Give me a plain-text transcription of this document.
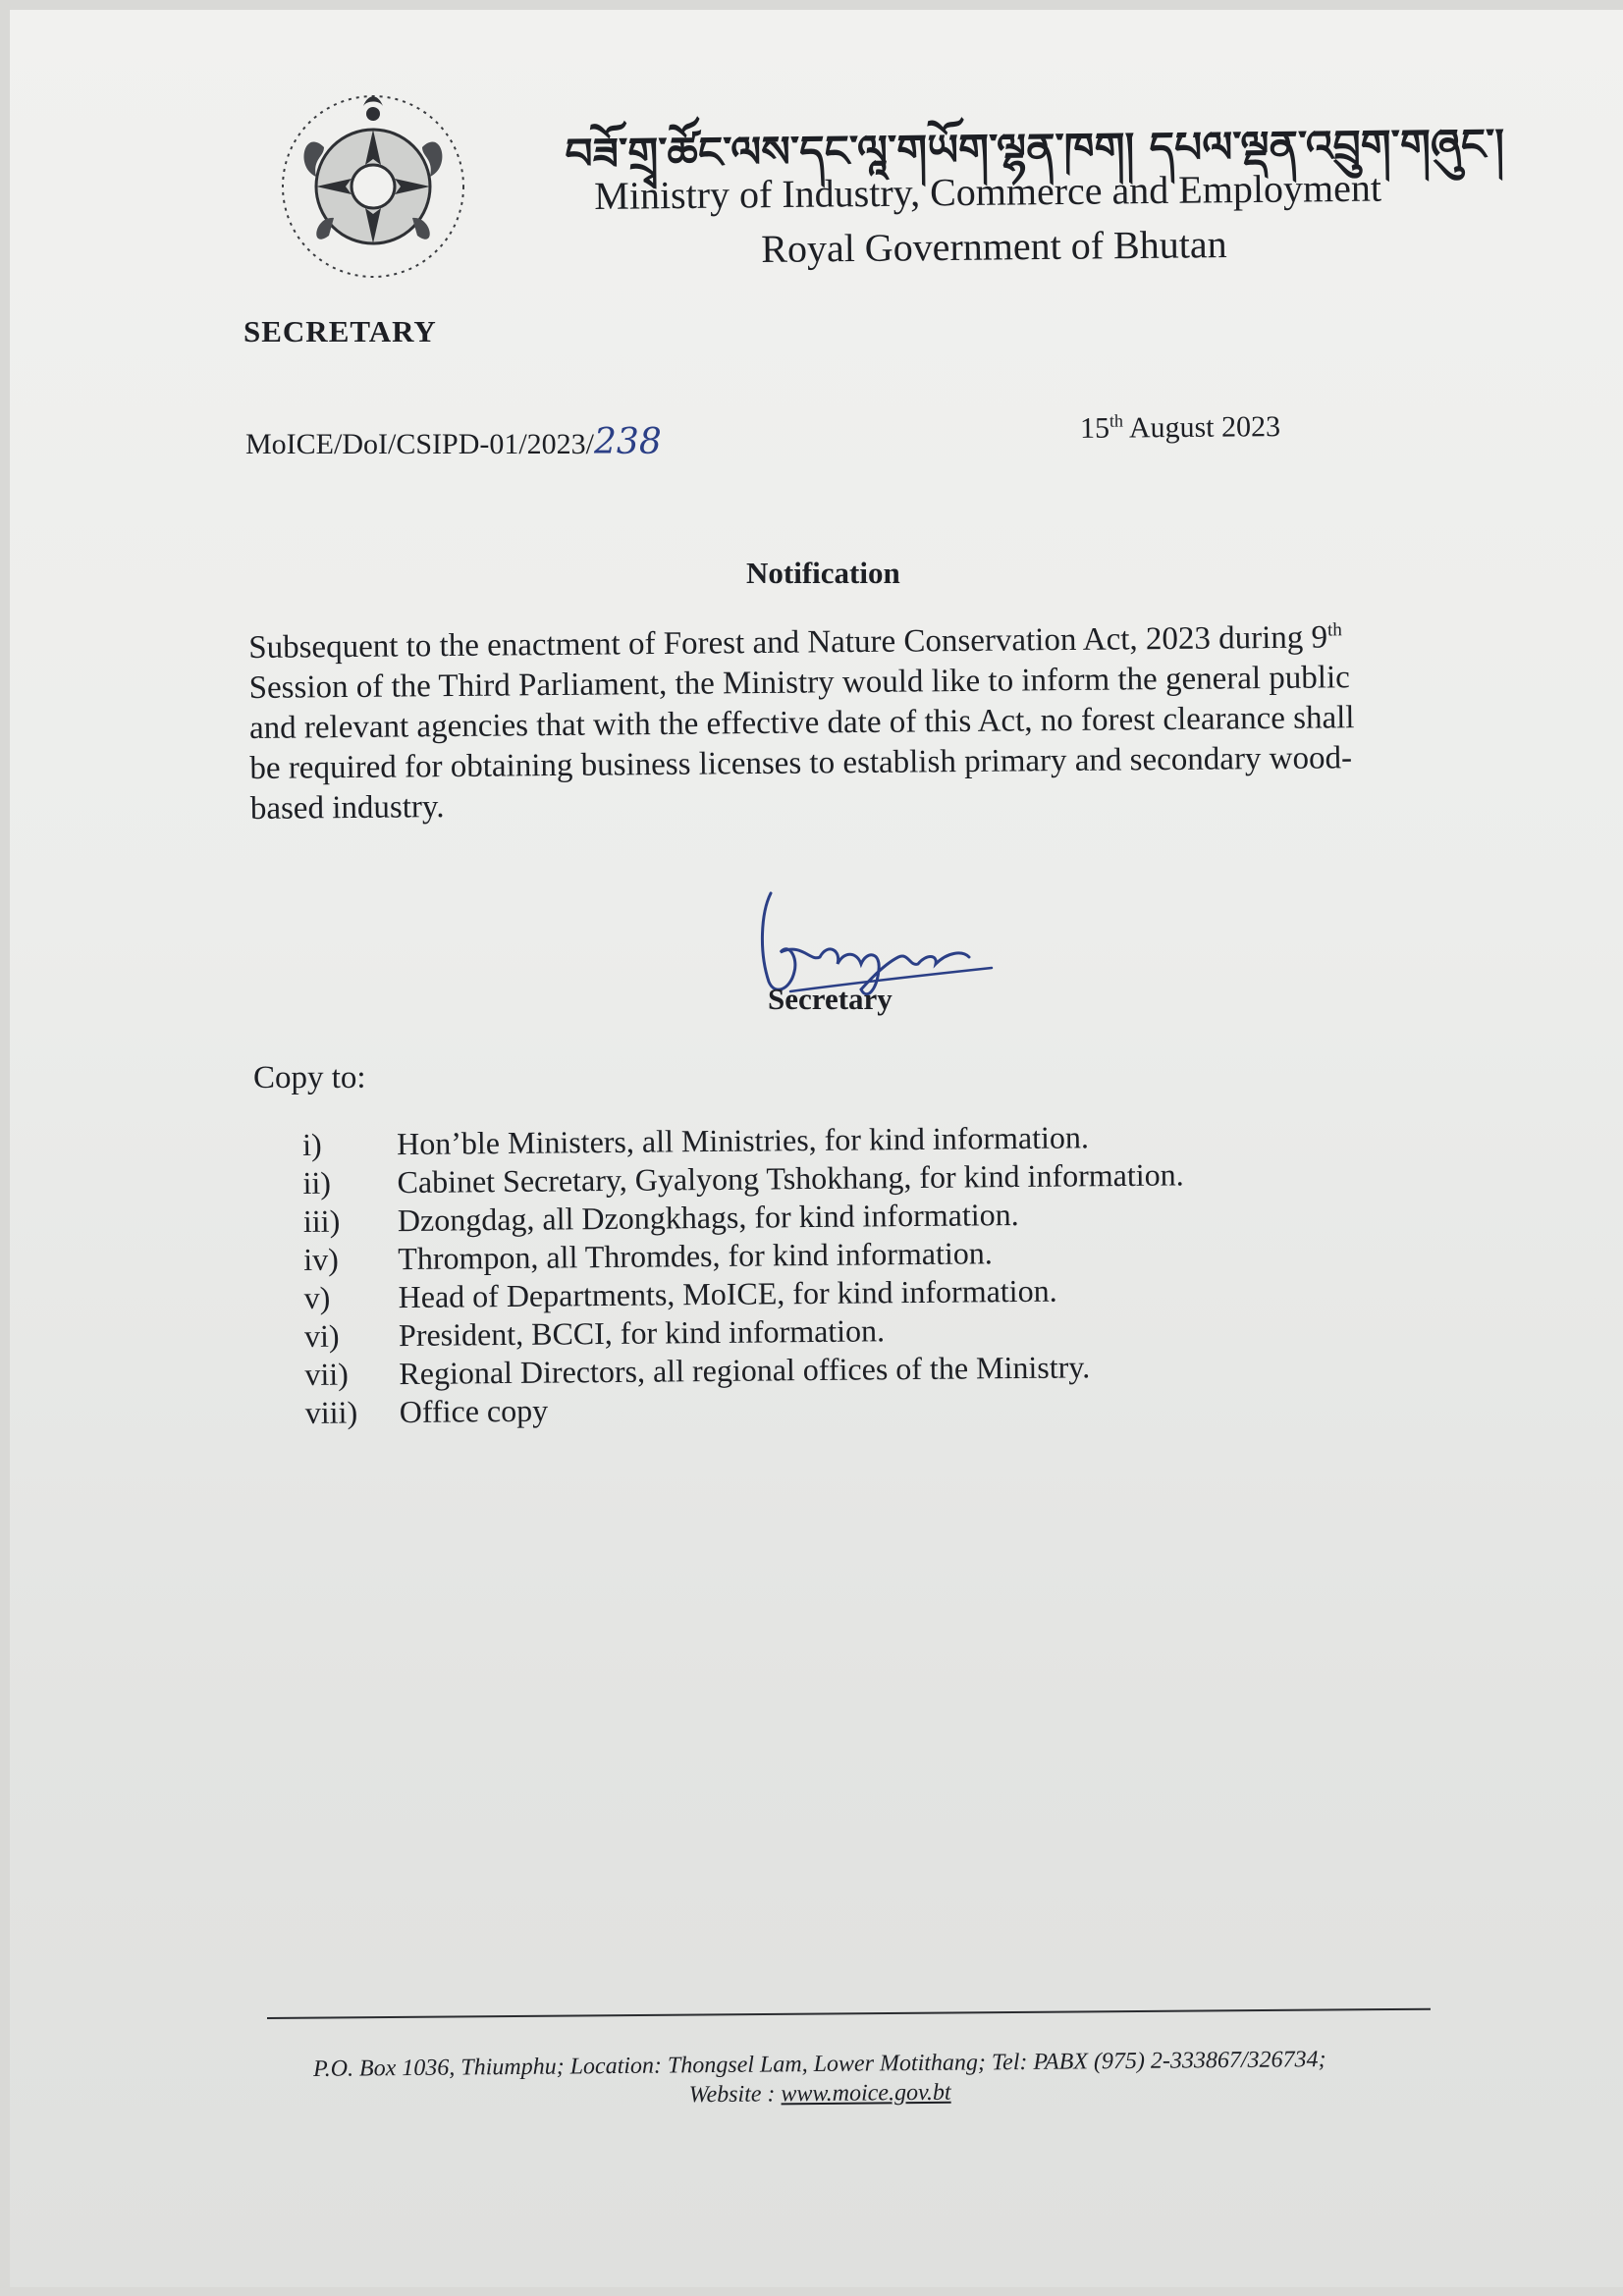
SECRETARY
བཟོ་གྲྭ་ཚོང་ལས་དང་ལཱ་གཡོག་ལྷན་ཁག། དཔལ་ལྡན་འབྲུག་གཞུང་།
Ministry of Industry, Commerce and Employment
Royal Government of Bhutan
MoICE/DoI/CSIPD-01/2023/238	15th August 2023
Notification
Subsequent to the enactment of Forest and Nature Conservation Act, 2023 during 9th
Session of the Third Parliament, the Ministry would like to inform the general public
and relevant agencies that with the effective date of this Act, no forest clearance shall
be required for obtaining business licenses to establish primary and secondary wood-
based industry.
Secretary
Copy to:
i)	Hon’ble Ministers, all Ministries, for kind information.
ii)	Cabinet Secretary, Gyalyong Tshokhang, for kind information.
iii)	Dzongdag, all Dzongkhags, for kind information.
iv)	Thrompon, all Thromdes, for kind information.
v)	Head of Departments, MoICE, for kind information.
vi)	President, BCCI, for kind information.
vii)	Regional Directors, all regional offices of the Ministry.
viii)	Office copy
P.O. Box 1036, Thiumphu; Location: Thongsel Lam, Lower Motithang; Tel: PABX (975) 2-333867/326734;
Website : www.moice.gov.bt
